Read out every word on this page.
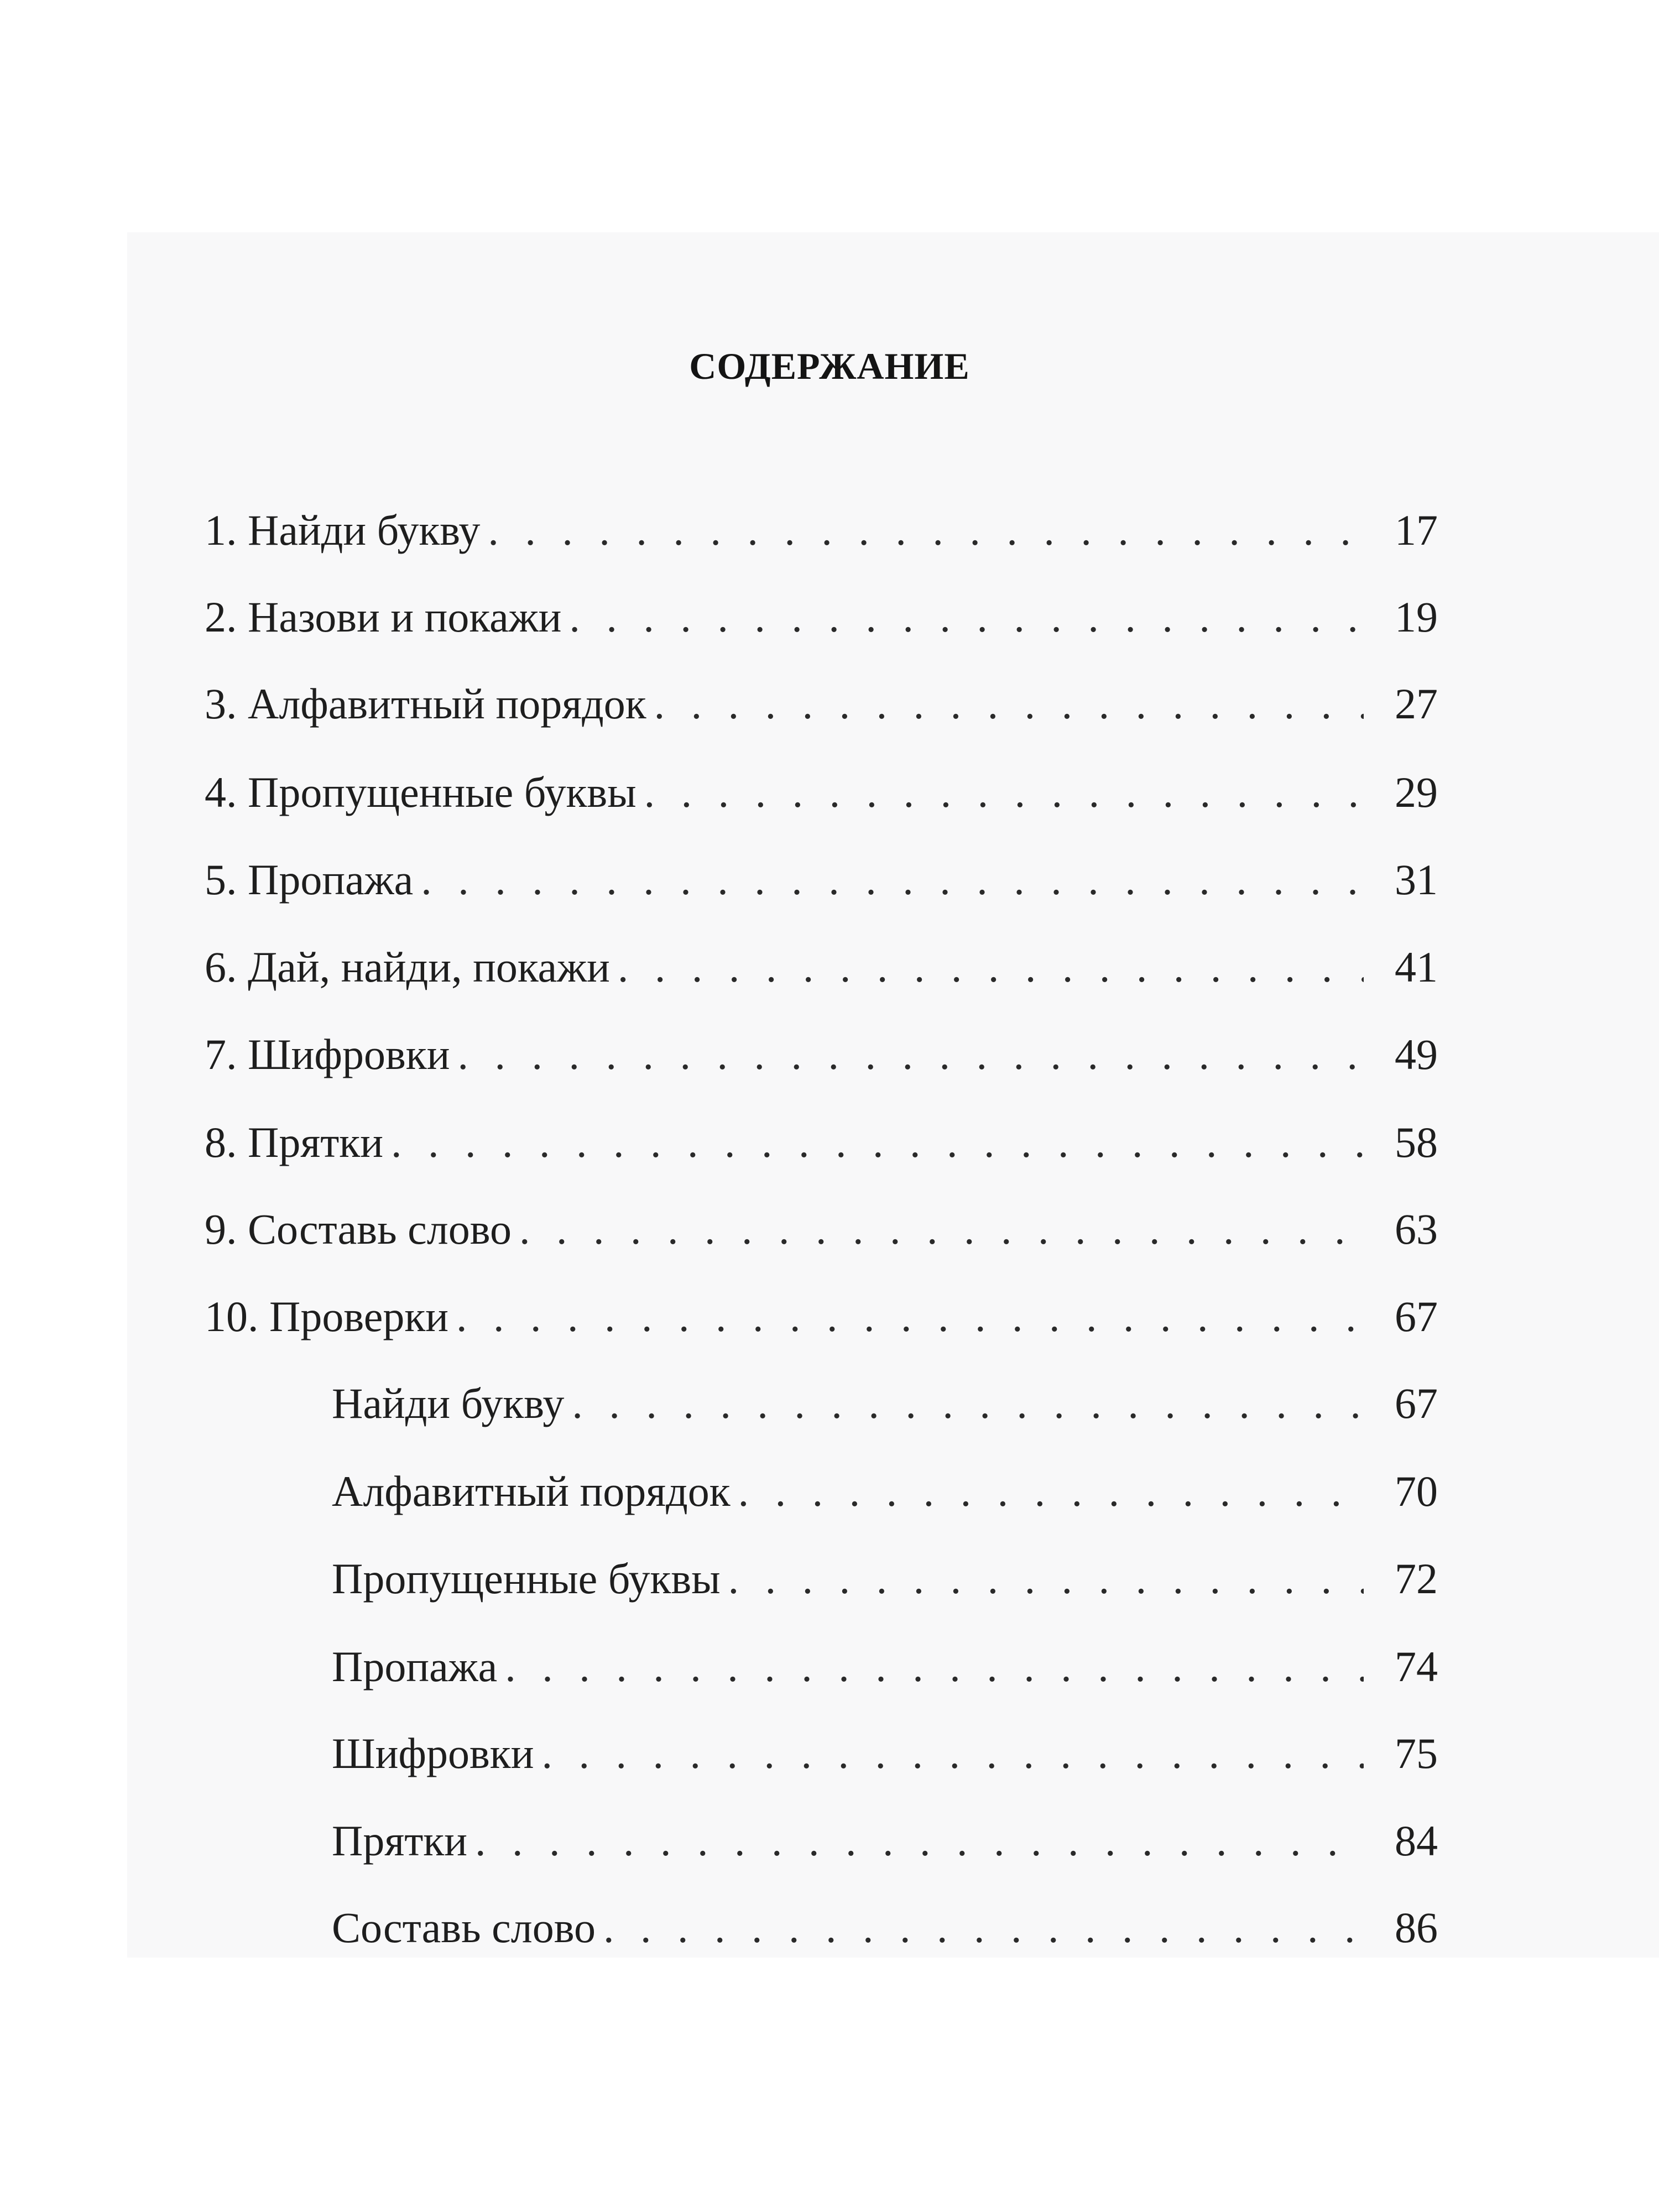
СОДЕРЖАНИЕ
1. Найди букву . . .	17
2. Назови и покажи . . .	19
3. Алфавитный порядок . . .	27
4. Пропущенные буквы . . .	29
5. Пропажа . . .	31
6. Дай, найди, покажи . . .	41
7. Шифровки . . .	49
8. Прятки . . .	58
9. Составь слово . . .	63
10. Проверки . . .	67
Найди букву . . .	67
Алфавитный порядок . . .	70
Пропущенные буквы . . .	72
Пропажа . . .	74
Шифровки . . .	75
Прятки . . .	84
Составь слово . . .	86
